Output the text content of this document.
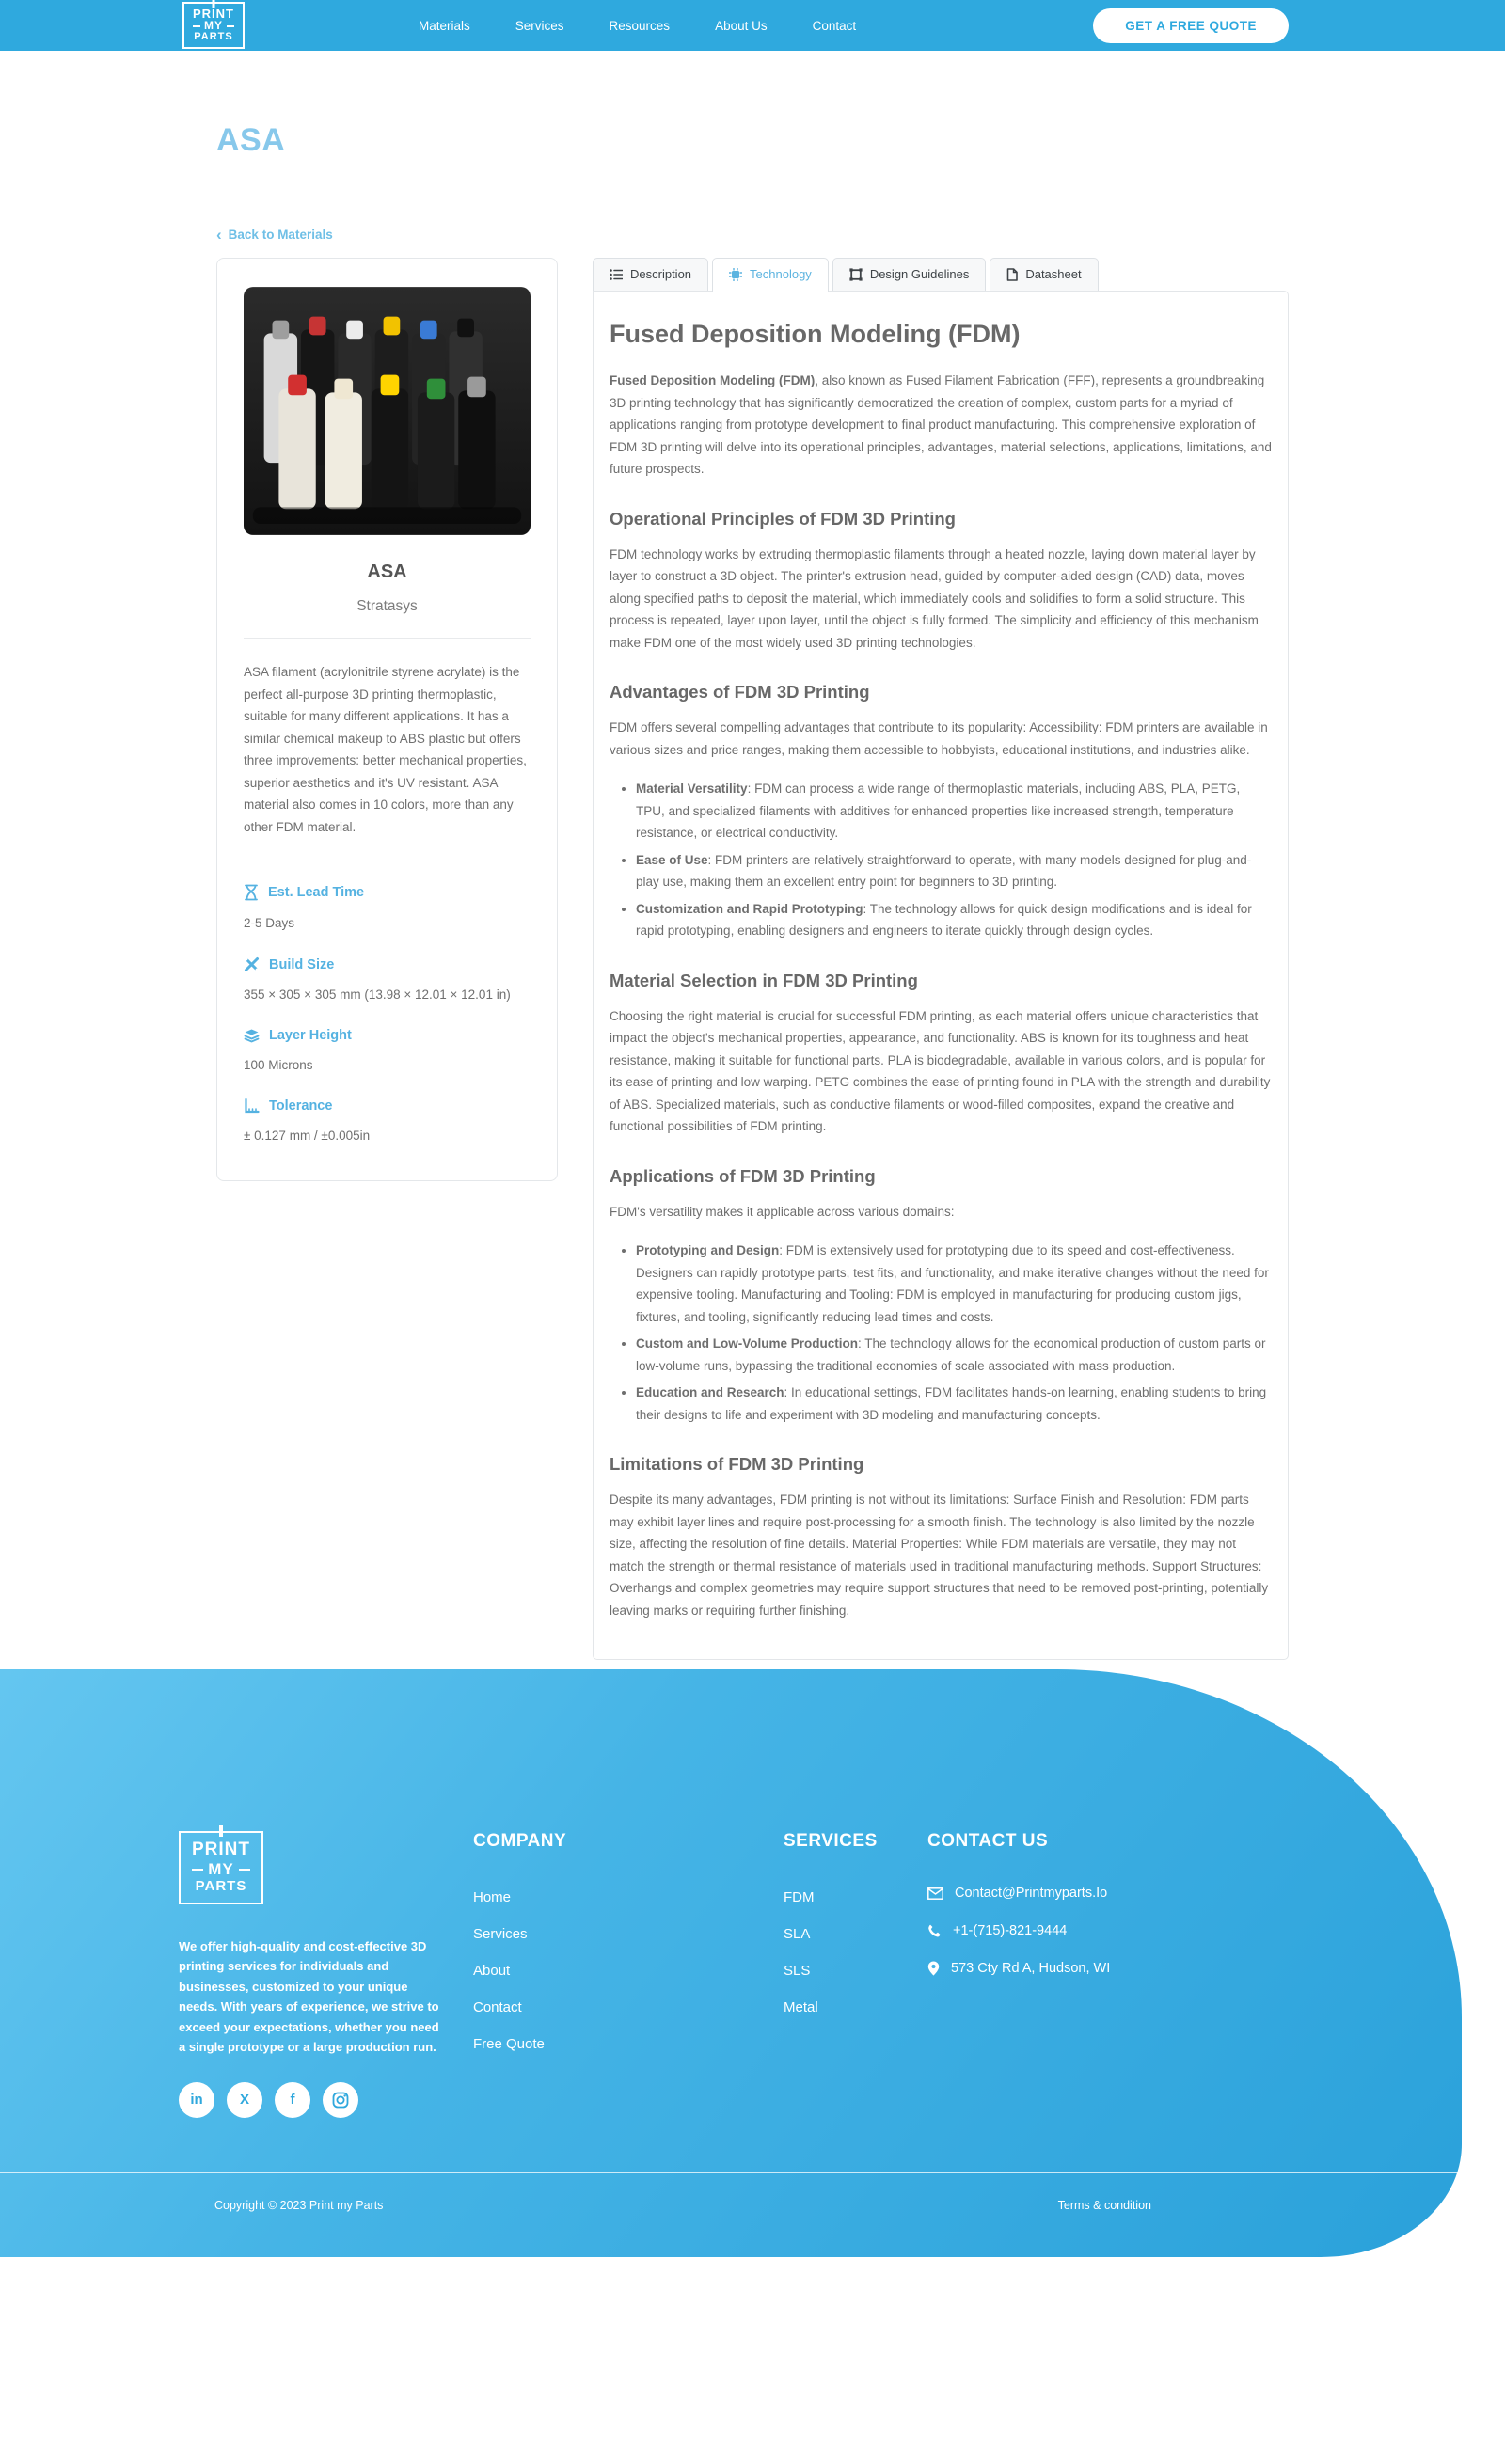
PRINT
MY
PARTS
Materials	Services	Resources	About Us	Contact	GET A FREE QUOTE
ASA
‹ Back to Materials
ASA
Stratasys

ASA filament (acrylonitrile styrene acrylate) is the perfect all-purpose 3D printing thermoplastic, suitable for many different applications. It has a similar chemical makeup to ABS plastic but offers three improvements: better mechanical properties, superior aesthetics and it's UV resistant. ASA material also comes in 10 colors, more than any other FDM material.

Est. Lead Time
2-5 Days
Build Size
355 × 305 × 305 mm (13.98 × 12.01 × 12.01 in)
Layer Height
100 Microns
Tolerance
± 0.127 mm / ±0.005in
Description	Technology	Design Guidelines	Datasheet
Fused Deposition Modeling (FDM)

Fused Deposition Modeling (FDM), also known as Fused Filament Fabrication (FFF), represents a groundbreaking 3D printing technology that has significantly democratized the creation of complex, custom parts for a myriad of applications ranging from prototype development to final product manufacturing. This comprehensive exploration of FDM 3D printing will delve into its operational principles, advantages, material selections, applications, limitations, and future prospects.

Operational Principles of FDM 3D Printing

FDM technology works by extruding thermoplastic filaments through a heated nozzle, laying down material layer by layer to construct a 3D object. The printer's extrusion head, guided by computer-aided design (CAD) data, moves along specified paths to deposit the material, which immediately cools and solidifies to form a solid structure. This process is repeated, layer upon layer, until the object is fully formed. The simplicity and efficiency of this mechanism make FDM one of the most widely used 3D printing technologies.

Advantages of FDM 3D Printing

FDM offers several compelling advantages that contribute to its popularity: Accessibility: FDM printers are available in various sizes and price ranges, making them accessible to hobbyists, educational institutions, and industries alike.

• Material Versatility: FDM can process a wide range of thermoplastic materials, including ABS, PLA, PETG, TPU, and specialized filaments with additives for enhanced properties like increased strength, temperature resistance, or electrical conductivity.
• Ease of Use: FDM printers are relatively straightforward to operate, with many models designed for plug-and-play use, making them an excellent entry point for beginners to 3D printing.
• Customization and Rapid Prototyping: The technology allows for quick design modifications and is ideal for rapid prototyping, enabling designers and engineers to iterate quickly through design cycles.
Material Selection in FDM 3D Printing

Choosing the right material is crucial for successful FDM printing, as each material offers unique characteristics that impact the object's mechanical properties, appearance, and functionality. ABS is known for its toughness and heat resistance, making it suitable for functional parts. PLA is biodegradable, available in various colors, and is popular for its ease of printing and low warping. PETG combines the ease of printing found in PLA with the strength and durability of ABS. Specialized materials, such as conductive filaments or wood-filled composites, expand the creative and functional possibilities of FDM printing.

Applications of FDM 3D Printing

FDM's versatility makes it applicable across various domains:

• Prototyping and Design: FDM is extensively used for prototyping due to its speed and cost-effectiveness. Designers can rapidly prototype parts, test fits, and functionality, and make iterative changes without the need for expensive tooling. Manufacturing and Tooling: FDM is employed in manufacturing for producing custom jigs, fixtures, and tooling, significantly reducing lead times and costs.
• Custom and Low-Volume Production: The technology allows for the economical production of custom parts or low-volume runs, bypassing the traditional economies of scale associated with mass production.
• Education and Research: In educational settings, FDM facilitates hands-on learning, enabling students to bring their designs to life and experiment with 3D modeling and manufacturing concepts.
Limitations of FDM 3D Printing

Despite its many advantages, FDM printing is not without its limitations: Surface Finish and Resolution: FDM parts may exhibit layer lines and require post-processing for a smooth finish. The technology is also limited by the nozzle size, affecting the resolution of fine details. Material Properties: While FDM materials are versatile, they may not match the strength or thermal resistance of materials used in traditional manufacturing methods. Support Structures: Overhangs and complex geometries may require support structures that need to be removed post-printing, potentially leaving marks or requiring further finishing.

PRINT
MY
PARTS

We offer high-quality and cost-effective 3D printing services for individuals and businesses, customized to your unique needs. With years of experience, we strive to exceed your expectations, whether you need a single prototype or a large production run.

in	X	f
COMPANY
Home
Services
About
Contact
Free Quote
SERVICES
FDM
SLA
SLS
Metal
CONTACT US
Contact@Printmyparts.Io
+1-(715)-821-9444
573 Cty Rd A, Hudson, WI
Copyright © 2023 Print my Parts	Terms & condition
